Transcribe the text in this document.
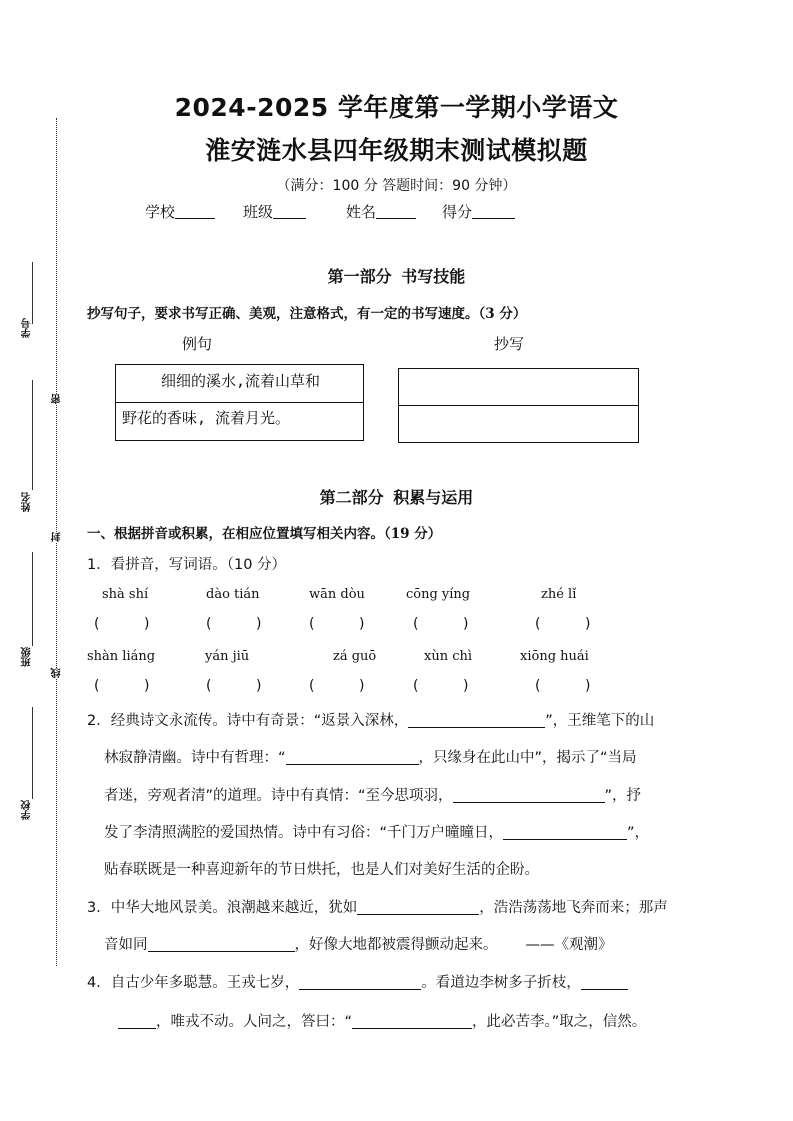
学号
姓名
班级
学校
密
封
线
2024-2025 学年度第一学期小学语文
淮安涟水县四年级期末测试模拟题
（满分：100 分 答题时间：90 分钟）
学校	班级	姓名	得分
第一部分 书写技能
抄写句子，要求书写正确、美观，注意格式，有一定的书写速度。（3 分）
例句	抄写
细细的溪水,流着山草和
野花的香味, 流着月光。
第二部分 积累与运用
一、根据拼音或积累，在相应位置填写相关内容。（19 分）
1．看拼音，写词语。（10 分）
shà shí	dào tián	wān dòu	cōng yíng	zhé lǐ
(          )	(          )	(          )	(          )	(          )
shàn liáng	yán jiū	zá guō	xùn chì	xiōng huái
(          )	(          )	(          )	(          )	(          )
2．经典诗文永流传。诗中有奇景：“返景入深林，	”，王维笔下的山
林寂静清幽。诗中有哲理：“	，只缘身在此山中”，揭示了“当局
者迷，旁观者清”的道理。诗中有真情：“至今思项羽，	”，抒
发了李清照满腔的爱国热情。诗中有习俗：“千门万户曈曈日，	”，
贴春联既是一种喜迎新年的节日烘托，也是人们对美好生活的企盼。
3．中华大地风景美。浪潮越来越近，犹如	，浩浩荡荡地飞奔而来；那声
音如同	，好像大地都被震得颤动起来。 ——《观潮》
4．自古少年多聪慧。王戎七岁，	。看道边李树多子折枝，
，唯戎不动。人问之，答曰：“	，此必苦李。”取之，信然。
